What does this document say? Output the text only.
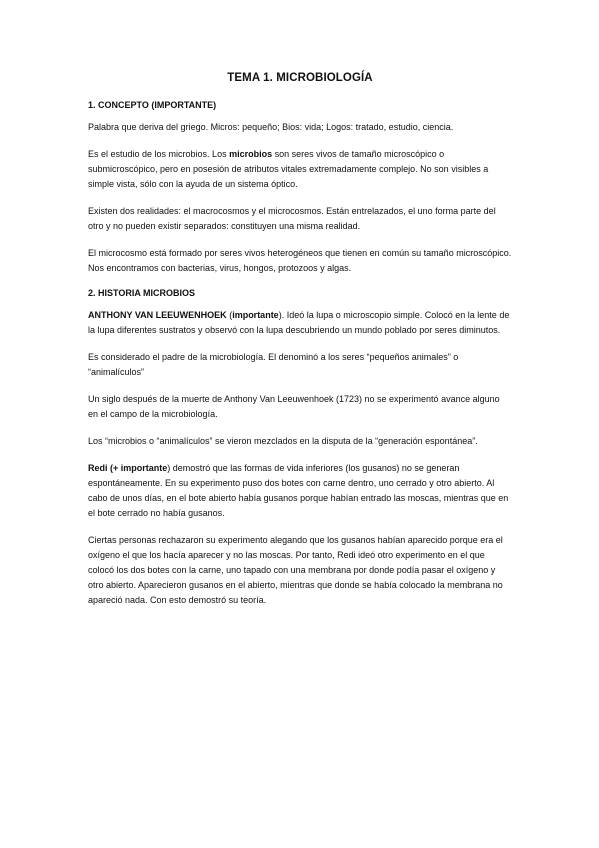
TEMA 1. MICROBIOLOGÍA
1. CONCEPTO (IMPORTANTE)

Palabra que deriva del griego. Micros: pequeño; Bios: vida; Logos: tratado, estudio, ciencia.

Es el estudio de los microbios. Los microbios son seres vivos de tamaño microscópico o submicroscópico, pero en posesión de atributos vitales extremadamente complejo. No son visibles a simple vista, sólo con la ayuda de un sistema óptico.

Existen dos realidades: el macrocosmos y el microcosmos. Están entrelazados, el uno forma parte del otro y no pueden existir separados: constituyen una misma realidad.

El microcosmo está formado por seres vivos heterogéneos que tienen en común su tamaño microscópico. Nos encontramos con bacterias, virus, hongos, protozoos y algas.

2. HISTORIA MICROBIOS

ANTHONY VAN LEEUWENHOEK (importante). Ideó la lupa o microscopio simple. Colocó en la lente de la lupa diferentes sustratos y observó con la lupa descubriendo un mundo poblado por seres diminutos.

Es considerado el padre de la microbiología. El denominó a los seres “pequeños animales” o “animalículos”

Un siglo después de la muerte de Anthony Van Leeuwenhoek (1723) no se experimentó avance alguno en el campo de la microbiología.

Los “microbios o “animalículos” se vieron mezclados en la disputa de la “generación espontánea”.

Redi (+ importante) demostró que las formas de vida inferiores (los gusanos) no se generan espontáneamente. En su experimento puso dos botes con carne dentro, uno cerrado y otro abierto. Al cabo de unos días, en el bote abierto había gusanos porque habían entrado las moscas, mientras que en el bote cerrado no había gusanos.

Ciertas personas rechazaron su experimento alegando que los gusanos habían aparecido porque era el oxígeno el que los hacía aparecer y no las moscas. Por tanto, Redi ideó otro experimento en el que colocó los dos botes con la carne, uno tapado con una membrana por donde podía pasar el oxígeno y otro abierto. Aparecieron gusanos en el abierto, mientras que donde se había colocado la membrana no apareció nada. Con esto demostró su teoría.
